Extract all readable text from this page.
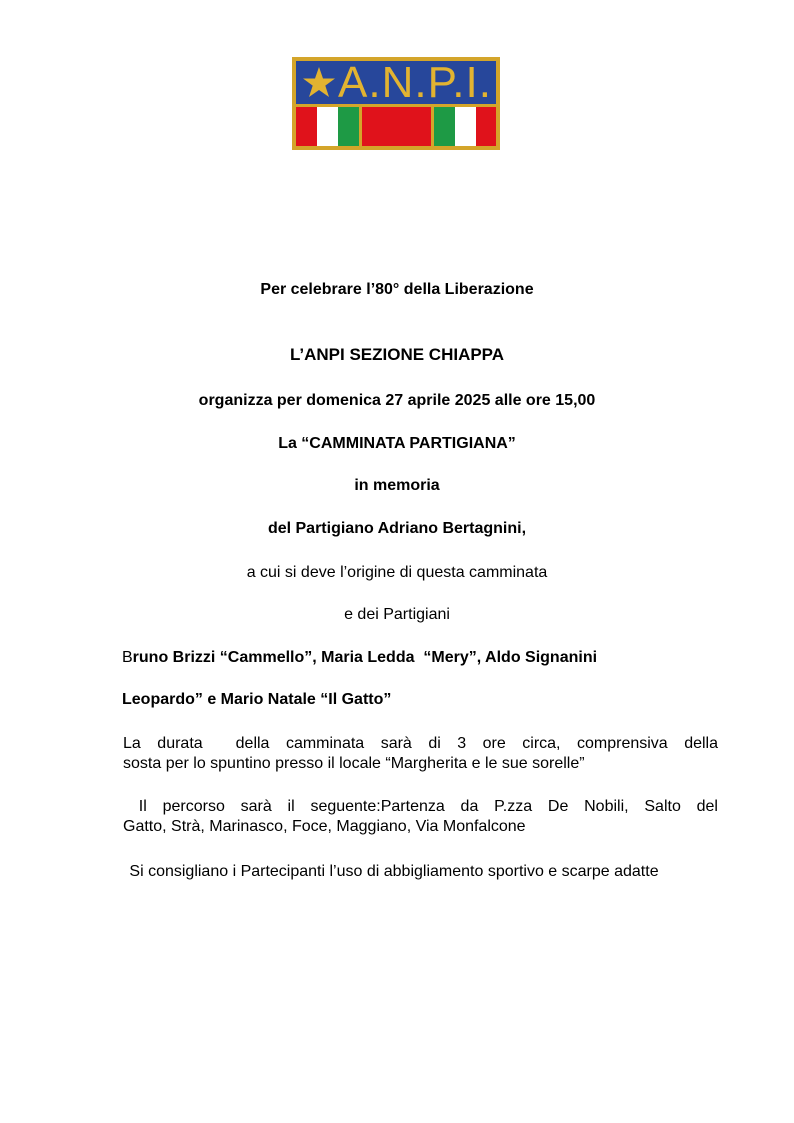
A.N.P.I.
Per celebrare l’80° della Liberazione
L’ANPI SEZIONE CHIAPPA
organizza per domenica 27 aprile 2025 alle ore 15,00
La “CAMMINATA PARTIGIANA”
in memoria
del Partigiano Adriano Bertagnini,
a cui si deve l’origine di questa camminata
e dei Partigiani
Bruno Brizzi “Cammello”, Maria Ledda  “Mery”, Aldo Signanini
Leopardo” e Mario Natale “Il Gatto”
La durata  della camminata sarà di 3 ore circa, comprensiva della
sosta per lo spuntino presso il locale “Margherita e le sue sorelle”
Il percorso sarà il seguente:Partenza da P.zza De Nobili, Salto del
Gatto, Strà, Marinasco, Foce, Maggiano, Via Monfalcone
Si consigliano i Partecipanti l’uso di abbigliamento sportivo e scarpe adatte
